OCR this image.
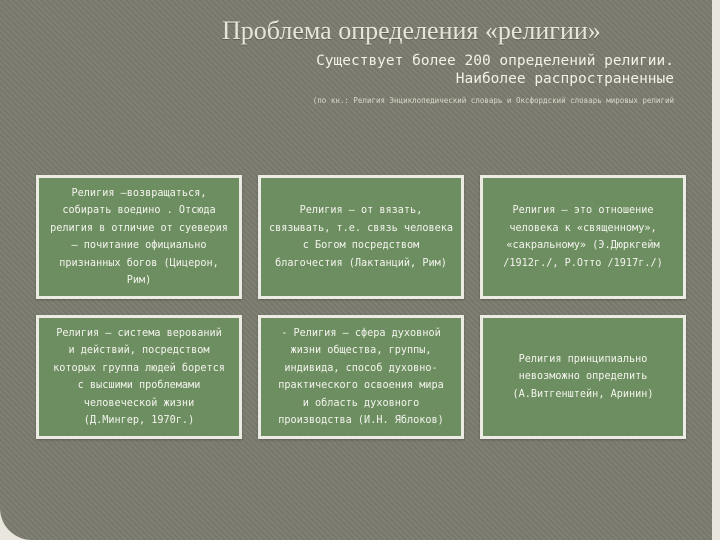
Проблема определения «религии»
Существует более 200 определений религии.
Наиболее распространенные
(по кн.: Религия Энциклопедический словарь и Оксфордский словарь мировых религий
Религия –возвращаться,
собирать воедино . Отсюда
религия в отличие от суеверия
– почитание официально
признанных богов (Цицерон,
Рим)
Религия – от вязать,
связывать, т.е. связь человека
с Богом посредством
благочестия (Лактанций, Рим)
Религия – это отношение
человека к «священному»,
«сакральному» (Э.Дюркгейм
/1912г./, Р.Отто /1917г./)
Религия – система верований
и действий, посредством
которых группа людей борется
с высшими проблемами
человеческой жизни
(Д.Мингер, 1970г.)
- Религия – сфера духовной
жизни общества, группы,
индивида, способ духовно-
практического освоения мира
и область духовного
производства (И.Н. Яблоков)
Религия принципиально
невозможно определить
(А.Витгенштейн, Аринин)
